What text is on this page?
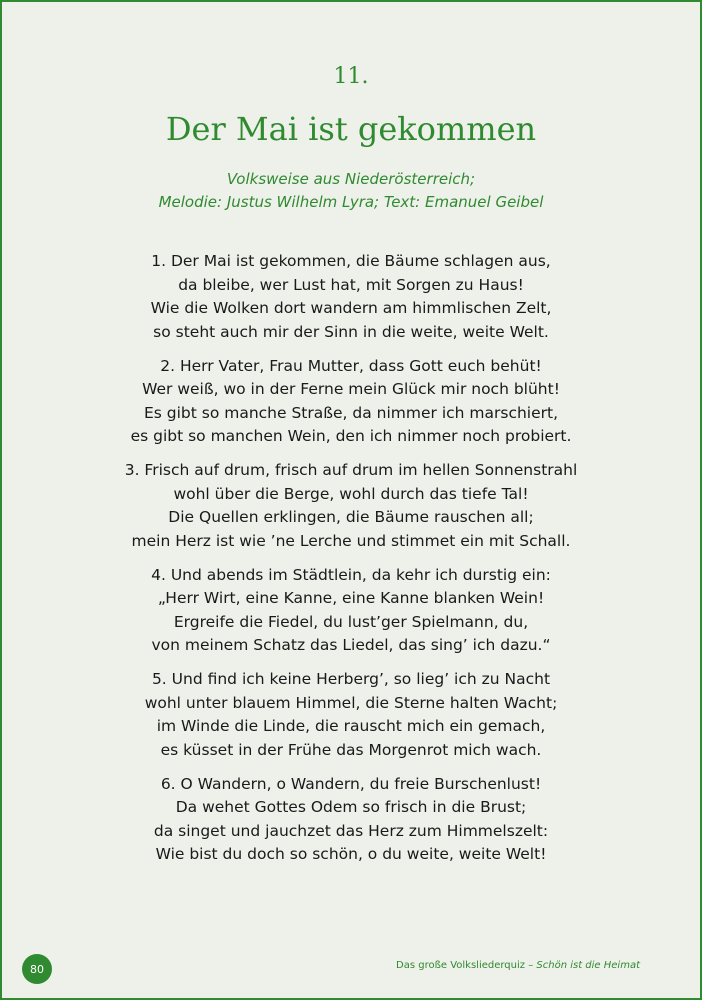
11.
Der Mai ist gekommen
Volksweise aus Niederösterreich;
Melodie: Justus Wilhelm Lyra; Text: Emanuel Geibel
1. Der Mai ist gekommen, die Bäume schlagen aus,
da bleibe, wer Lust hat, mit Sorgen zu Haus!
Wie die Wolken dort wandern am himmlischen Zelt,
so steht auch mir der Sinn in die weite, weite Welt.
2. Herr Vater, Frau Mutter, dass Gott euch behüt!
Wer weiß, wo in der Ferne mein Glück mir noch blüht!
Es gibt so manche Straße, da nimmer ich marschiert,
es gibt so manchen Wein, den ich nimmer noch probiert.
3. Frisch auf drum, frisch auf drum im hellen Sonnenstrahl
wohl über die Berge, wohl durch das tiefe Tal!
Die Quellen erklingen, die Bäume rauschen all;
mein Herz ist wie ’ne Lerche und stimmet ein mit Schall.
4. Und abends im Städtlein, da kehr ich durstig ein:
„Herr Wirt, eine Kanne, eine Kanne blanken Wein!
Ergreife die Fiedel, du lust’ger Spielmann, du,
von meinem Schatz das Liedel, das sing’ ich dazu.“
5. Und find ich keine Herberg’, so lieg’ ich zu Nacht
wohl unter blauem Himmel, die Sterne halten Wacht;
im Winde die Linde, die rauscht mich ein gemach,
es küsset in der Frühe das Morgenrot mich wach.
6. O Wandern, o Wandern, du freie Burschenlust!
Da wehet Gottes Odem so frisch in die Brust;
da singet und jauchzet das Herz zum Himmelszelt:
Wie bist du doch so schön, o du weite, weite Welt!
80	Das große Volksliederquiz – Schön ist die Heimat
